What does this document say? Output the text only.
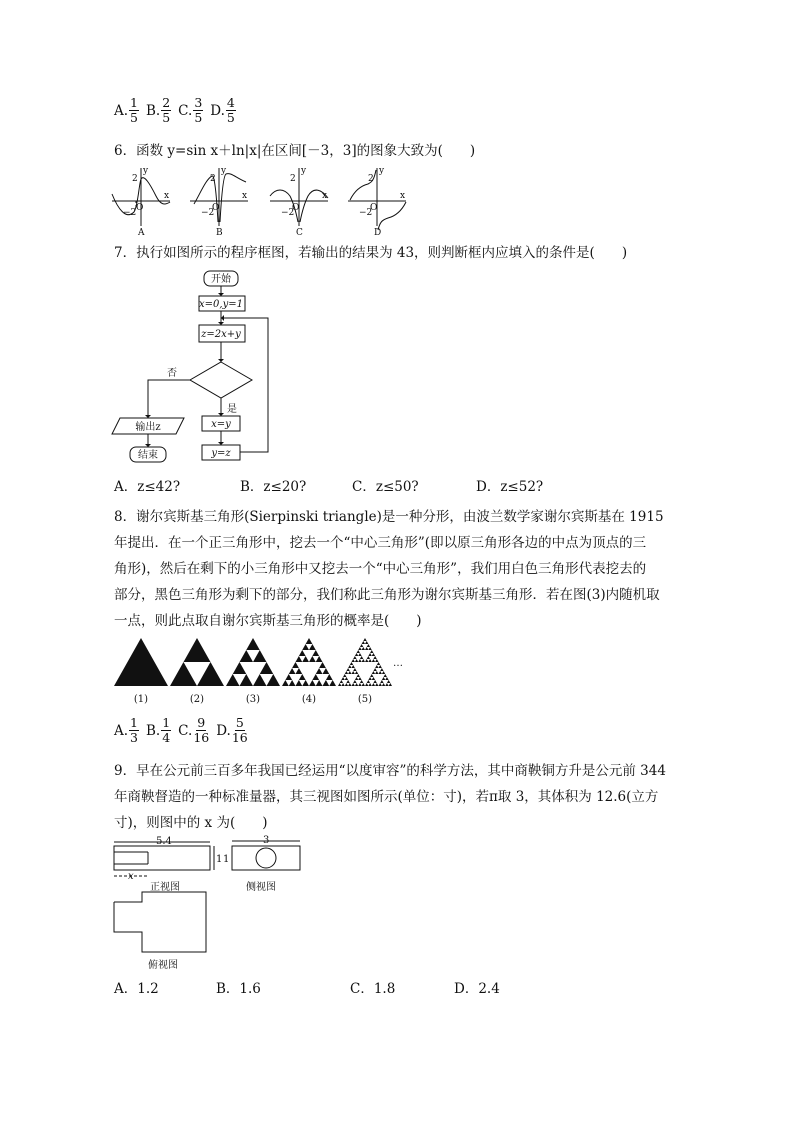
A. $\frac{1}{5} B$. $\frac{2}{5} C$. $\frac{3}{5} D$. $\frac{4}{5}$
6．函数 y=sin x＋ln|x|在区间[－3，3]的图象大致为(　　)
y
x
2
−2 O
y
x
2
−2
O
y
x
2
−2
O
y
x
2
−2
O
A	B	C	D
7．执行如图所示的程序框图，若输出的结果为 43，则判断框内应填入的条件是(　　)
开始
x=0,y=1
z=2x+y
否
是
输出z
结束
x=y
y=z
A．z≤42?	B．z≤20?	C．z≤50?	D．z≤52?
8．谢尔宾斯基三角形(Sierpinski triangle)是一种分形，由波兰数学家谢尔宾斯基在 1915
年提出．在一个正三角形中，挖去一个“中心三角形”(即以原三角形各边的中点为顶点的三
角形)，然后在剩下的小三角形中又挖去一个“中心三角形”，我们用白色三角形代表挖去的
部分，黑色三角形为剩下的部分，我们称此三角形为谢尔宾斯基三角形．若在图(3)内随机取
一点，则此点取自谢尔宾斯基三角形的概率是(　　)
(1)	(2)	(3)	(4)	(5)
…
A. $\frac{1}{3} B$. $\frac{1}{4} C$. $\frac{9}{16} D$. $\frac{5}{16}$
9．早在公元前三百多年我国已经运用“以度审容”的科学方法，其中商鞅铜方升是公元前 344
年商鞅督造的一种标准量器，其三视图如图所示(单位：寸)，若π取 3，其体积为 12.6(立方
寸)，则图中的 x 为(　　)
5.4
1 1
3
x
正视图	侧视图
俯视图
A．1.2	B．1.6	C．1.8	D．2.4
